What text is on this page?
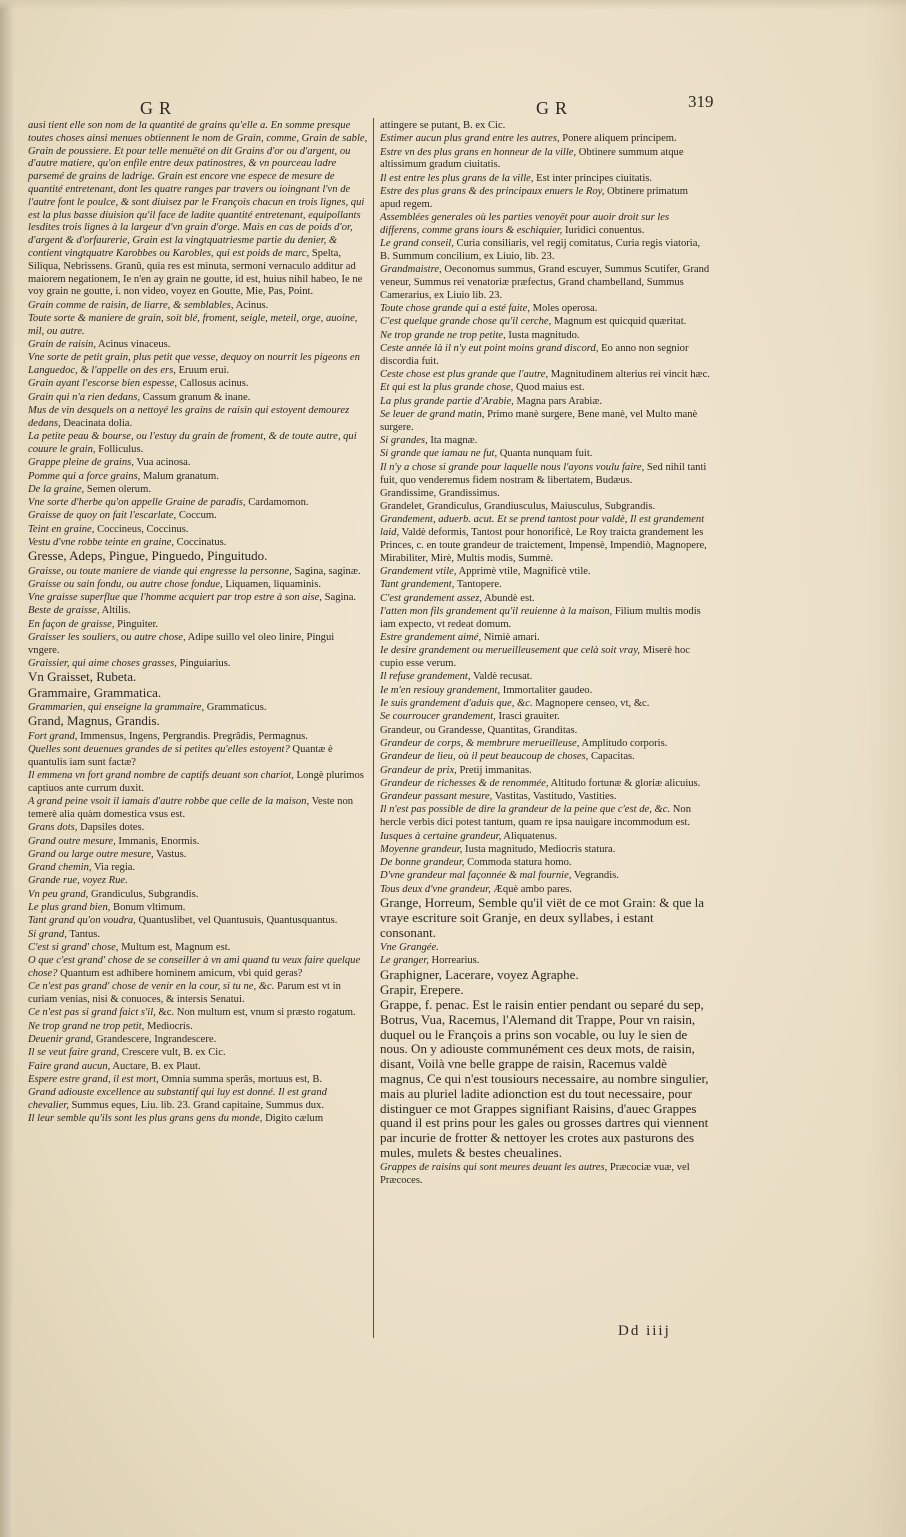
GR	GR	319
ausi tient elle son nom de la quantité de grains qu'elle a. En somme presque toutes choses ainsi menues obtiennent le nom de Grain, comme, Grain de sable, Grain de poussiere. Et pour telle menuëté on dit Grains d'or ou d'argent, ou d'autre matiere, qu'on enfile entre deux patinostres, & vn pourceau ladre parsemé de grains de ladrige. Grain est encore vne espece de mesure de quantité entretenant, dont les quatre ranges par travers ou ioingnant l'vn de l'autre font le poulce, & sont diuisez par le François chacun en trois lignes, qui est la plus basse diuision qu'il face de ladite quantité entretenant, equipollants lesdites trois lignes à la largeur d'vn grain d'orge. Mais en cas de poids d'or, d'argent & d'orfaurerie, Grain est la vingtquatriesme partie du denier, & contient vingtquatre Karobbes ou Karobles, qui est poids de marc, Spelta, Siliqua, Nebrissens. Granû, quia res est minuta, sermoni vernaculo additur ad maiorem negationem, Ie n'en ay grain ne goutte, id est, huius nihil habeo, Ie ne voy grain ne goutte, i. non video, voyez en Goutte, Mie, Pas, Point.
Grain comme de raisin, de liarre, & semblables, Acinus.
Toute sorte & maniere de grain, soit blé, froment, seigle, meteil, orge, auoine, mil, ou autre.
Grain de raisin, Acinus vinaceus.
Vne sorte de petit grain, plus petit que vesse, dequoy on nourrit les pigeons en Languedoc, & l'appelle on des ers, Eruum erui.
Grain ayant l'escorse bien espesse, Callosus acinus.
Grain qui n'a rien dedans, Cassum granum & inane.
Mus de vin desquels on a nettoyé les grains de raisin qui estoyent demourez dedans, Deacinata dolia.
La petite peau & bourse, ou l'estuy du grain de froment, & de toute autre, qui couure le grain, Folliculus.
Grappe pleine de grains, Vua acinosa.
Pomme qui a force grains, Malum granatum.
De la graine, Semen olerum.
Vne sorte d'herbe qu'on appelle Graine de paradis, Cardamomon.
Graisse de quoy on fait l'escarlate, Coccum.
Teint en graine, Coccineus, Coccinus.
Vestu d'vne robbe teinte en graine, Coccinatus.
Gresse, Adeps, Pingue, Pinguedo, Pinguitudo.
Graisse, ou toute maniere de viande qui engresse la personne, Sagina, saginæ.
Graisse ou sain fondu, ou autre chose fondue, Liquamen, liquaminis.
Vne graisse superflue que l'homme acquiert par trop estre à son aise, Sagina.
Beste de graisse, Altilis.
En façon de graisse, Pinguiter.
Graisser les souliers, ou autre chose, Adipe suillo vel oleo linire, Pingui vngere.
Graissier, qui aime choses grasses, Pinguiarius.
Vn Graisset, Rubeta.
Grammaire, Grammatica.
Grammarien, qui enseigne la grammaire, Grammaticus.
Grand, Magnus, Grandis.
Fort grand, Immensus, Ingens, Pergrandis. Pregrâdis, Permagnus.
Quelles sont deuenues grandes de si petites qu'elles estoyent? Quantæ è quantulis iam sunt factæ?
Il emmena vn fort grand nombre de captifs deuant son chariot, Longè plurimos captiuos ante currum duxit.
A grand peine vsoit il iamais d'autre robbe que celle de la maison, Veste non temerè alia quàm domestica vsus est.
Grans dots, Dapsiles dotes.
Grand outre mesure, Immanis, Enormis.
Grand ou large outre mesure, Vastus.
Grand chemin, Via regia.
Grande rue, voyez Rue.
Vn peu grand, Grandiculus, Subgrandis.
Le plus grand bien, Bonum vltimum.
Tant grand qu'on voudra, Quantuslibet, vel Quantusuis, Quantusquantus.
Si grand, Tantus.
C'est si grand' chose, Multum est, Magnum est.
O que c'est grand' chose de se conseiller à vn ami quand tu veux faire quelque chose? Quantum est adhibere hominem amicum, vbi quid geras?
Ce n'est pas grand' chose de venir en la cour, si tu ne, &c. Parum est vt in curiam venias, nisi & conuoces, & intersis Senatui.
Ce n'est pas si grand faict s'il, &c. Non multum est, vnum si præsto rogatum.
Ne trop grand ne trop petit, Mediocris.
Deuenir grand, Grandescere, Ingrandescere.
Il se veut faire grand, Crescere vult, B. ex Cic.
Faire grand aucun, Auctare, B. ex Plaut.
Espere estre grand, il est mort, Omnia summa sperâs, mortuus est, B.
Grand adiouste excellence au substantif qui luy est donné. Il est grand chevalier, Summus eques, Liu. lib. 23. Grand capitaine, Summus dux.
Il leur semble qu'ils sont les plus grans gens du monde, Digito cælum
attingere se putant, B. ex Cic.
Estimer aucun plus grand entre les autres, Ponere aliquem principem.
Estre vn des plus grans en honneur de la ville, Obtinere summum atque altissimum gradum ciuitatis.
Il est entre les plus grans de la ville, Est inter principes ciuitatis.
Estre des plus grans & des principaux enuers le Roy, Obtinere primatum apud regem.
Assemblées generales où les parties venoyët pour auoir droit sur les differens, comme grans iours & eschiquier, Iuridici conuentus.
Le grand conseil, Curia consiliaris, vel regij comitatus, Curia regis viatoria, B. Summum concilium, ex Liuio, lib. 23.
Grandmaistre, Oeconomus summus, Grand escuyer, Summus Scutifer, Grand veneur, Summus rei venatoriæ præfectus, Grand chambelland, Summus Camerarius, ex Liuio lib. 23.
Toute chose grande qui a esté faite, Moles operosa.
C'est quelque grande chose qu'il cerche, Magnum est quicquid quæritat.
Ne trop grande ne trop petite, Iusta magnitudo.
Ceste année là il n'y eut point moins grand discord, Eo anno non segnior discordia fuit.
Ceste chose est plus grande que l'autre, Magnitudinem alterius rei vincit hæc.
Et qui est la plus grande chose, Quod maius est.
La plus grande partie d'Arabie, Magna pars Arabiæ.
Se leuer de grand matin, Primo manè surgere, Bene manè, vel Multo manè surgere.
Si grandes, Ita magnæ.
Si grande que iamau ne fut, Quanta nunquam fuit.
Il n'y a chose si grande pour laquelle nous l'ayons voulu faire, Sed nihil tanti fuit, quo venderemus fidem nostram & libertatem, Budæus.
Grandissime, Grandissimus.
Grandelet, Grandiculus, Grandiusculus, Maiusculus, Subgrandis.
Grandement, aduerb. acut. Et se prend tantost pour valdè, Il est grandement laid, Valdè deformis, Tantost pour honorificè, Le Roy traicta grandement les Princes, c. en toute grandeur de traictement, Impensè, Impendiò, Magnopere, Mirabiliter, Mirè, Multis modis, Summè.
Grandement vtile, Apprimè vtile, Magnificè vtile.
Tant grandement, Tantopere.
C'est grandement assez, Abundè est.
I'atten mon fils grandement qu'il reuienne à la maison, Filium multis modis iam expecto, vt redeat domum.
Estre grandement aimé, Nimiè amari.
Ie desire grandement ou merueilleusement que celà soit vray, Miserè hoc cupio esse verum.
Il refuse grandement, Valdè recusat.
Ie m'en resiouy grandement, Immortaliter gaudeo.
Ie suis grandement d'aduis que, &c. Magnopere censeo, vt, &c.
Se courroucer grandement, Irasci grauiter.
Grandeur, ou Grandesse, Quantitas, Granditas.
Grandeur de corps, & membrure merueilleuse, Amplitudo corporis.
Grandeur de lieu, où il peut beaucoup de choses, Capacitas.
Grandeur de prix, Pretij immanitas.
Grandeur de richesses & de renommée, Altitudo fortunæ & gloriæ alicuius.
Grandeur passant mesure, Vastitas, Vastitudo, Vastities.
Il n'est pas possible de dire la grandeur de la peine que c'est de, &c. Non hercle verbis dici potest tantum, quam re ipsa nauigare incommodum est.
Iusques à certaine grandeur, Aliquatenus.
Moyenne grandeur, Iusta magnitudo, Mediocris statura.
De bonne grandeur, Commoda statura homo.
D'vne grandeur mal façonnée & mal fournie, Vegrandis.
Tous deux d'vne grandeur, Æquè ambo pares.
Grange, Horreum, Semble qu'il viët de ce mot Grain: & que la vraye escriture soit Granje, en deux syllabes, i estant consonant.
Vne Grangée.
Le granger, Horrearius.
Graphigner, Lacerare, voyez Agraphe.
Grapir, Erepere.
Grappe, f. penac. Est le raisin entier pendant ou separé du sep, Botrus, Vua, Racemus, l'Alemand dit Trappe, Pour vn raisin, duquel ou le François a prins son vocable, ou luy le sien de nous. On y adiouste communément ces deux mots, de raisin, disant, Voilà vne belle grappe de raisin, Racemus valdè magnus, Ce qui n'est tousiours necessaire, au nombre singulier, mais au pluriel ladite adionction est du tout necessaire, pour distinguer ce mot Grappes signifiant Raisins, d'auec Grappes quand il est prins pour les gales ou grosses dartres qui viennent par incurie de frotter & nettoyer les crotes aux pasturons des mules, mulets & bestes cheualines.
Grappes de raisins qui sont meures deuant les autres, Præcociæ vuæ, vel Præcoces.
Dd iiij
